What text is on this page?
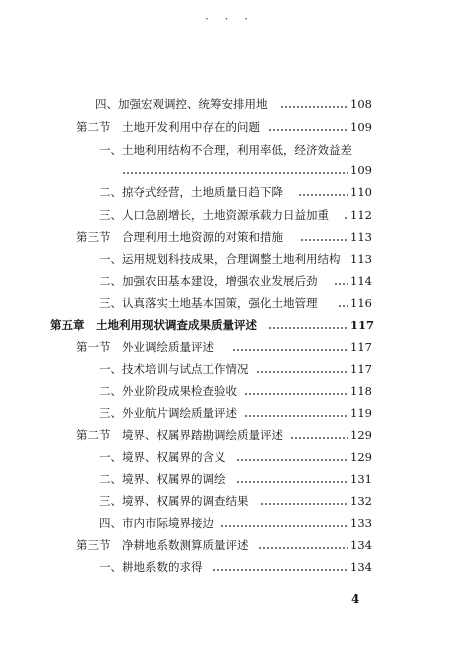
· · ·
四、加强宏观调控、统筹安排用地	108
第二节　土地开发利用中存在的问题	109
一、土地利用结构不合理，利用率低，经济效益差
109
二、掠夺式经营，土地质量日趋下降	110
三、人口急剧增长，土地资源承载力日益加重 112
第三节　合理利用土地资源的对策和措施	113
一、运用规划科技成果，合理调整土地利用结构 113
二、加强农田基本建设，增强农业发展后劲	114
三、认真落实土地基本国策，强化土地管理	116
第五章　土地利用现状调查成果质量评述	117
第一节　外业调绘质量评述	117
一、技术培训与试点工作情况	117
二、外业阶段成果检查验收	118
三、外业航片调绘质量评述	119
第二节　境界、权属界踏勘调绘质量评述	129
一、境界、权属界的含义	129
二、境界、权属界的调绘	131
三、境界、权属界的调查结果	132
四、市内市际境界接边	133
第三节　净耕地系数测算质量评述	134
一、耕地系数的求得	134
4
